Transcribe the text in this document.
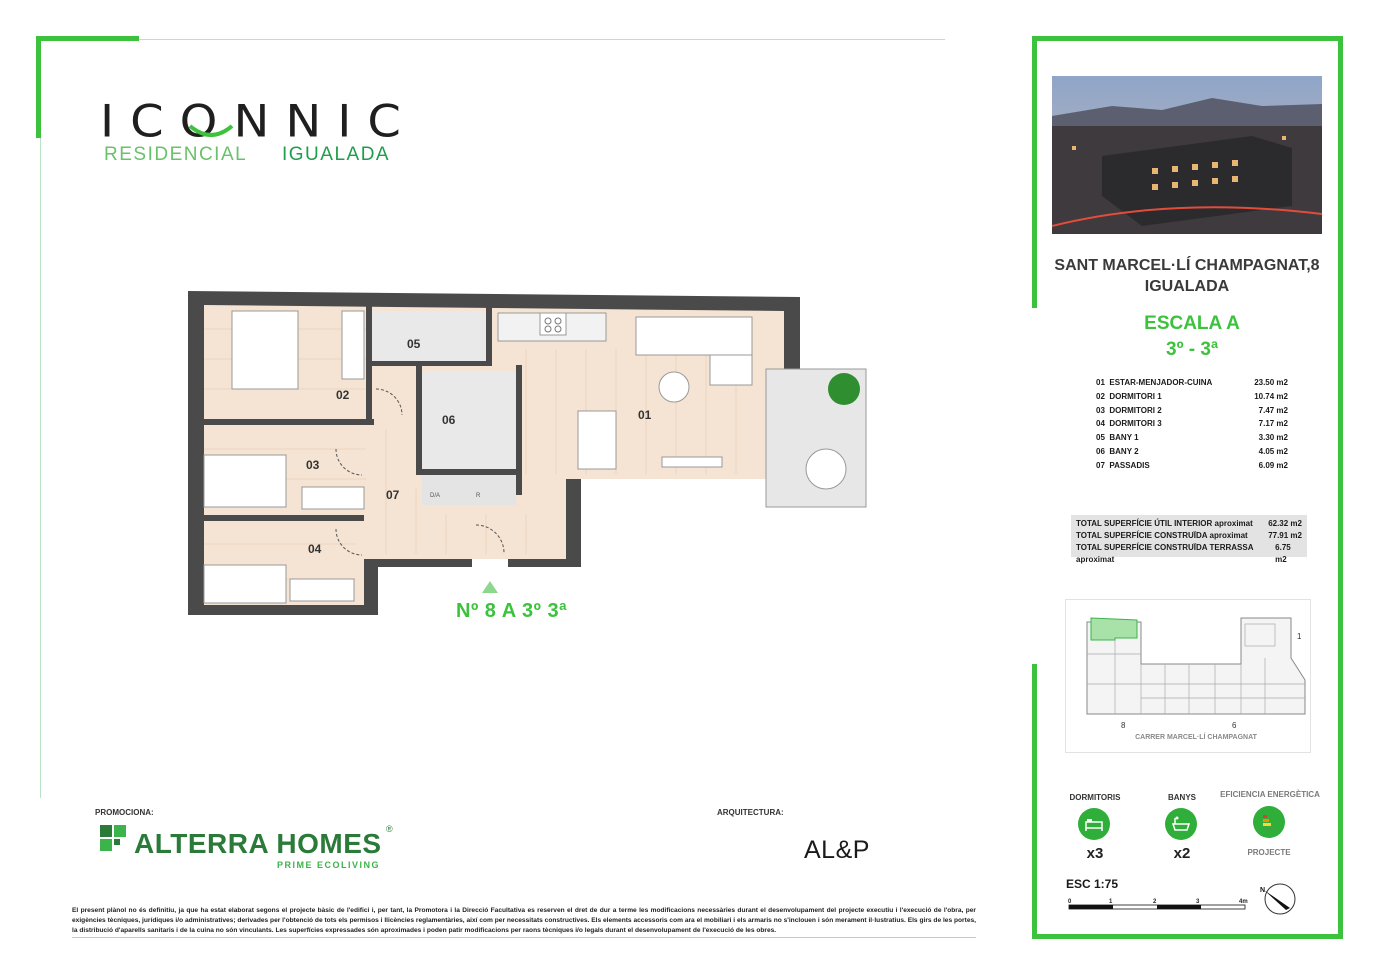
ICONNIC
RESIDENCIAL IGUALADA
D/A	R
01
02
03
04
05
06
07
Nº 8 A 3º 3ª
SANT MARCEL·LÍ CHAMPAGNAT,8
IGUALADA
ESCALA A
3º - 3ª
01 ESTAR-MENJADOR-CUINA	23.50 m2
02 DORMITORI 1	10.74 m2
03 DORMITORI 2	7.47 m2
04 DORMITORI 3	7.17 m2
05 BANY 1	3.30 m2
06 BANY 2	4.05 m2
07 PASSADIS	6.09 m2
TOTAL SUPERFÍCIE ÚTIL INTERIOR aproximat 62.32 m2
TOTAL SUPERFÍCIE CONSTRUÏDA aproximat	77.91 m2
TOTAL SUPERFÍCIE CONSTRUÏDA TERRASSA aproximat
6.75 m2
1
8	6
CARRER MARCEL·LÍ CHAMPAGNAT
DORMITORIS
x3
BANYS
x2
EFICIENCIA ENERGÈTICA
PROJECTE
ESC 1:75
0	1	2	3	4m
N
PROMOCIONA:	ARQUITECTURA:
ALTERRA HOMES ®
PRIME ECOLIVING
AL&P
El present plànol no és definitiu, ja que ha estat elaborat segons el projecte bàsic de l'edifici i, per tant, la Promotora i la Direcció Facultativa es reserven el dret de dur a terme les modificacions necessàries durant el desenvolupament del projecte executiu i l'execució de l'obra, per exigències tècniques, jurídiques i/o administratives; derivades per l'obtenció de tots els permisos i llicències reglamentàries, així com per necessitats constructives. Els elements accessoris com ara el mobiliari i els armaris no s'inclouen i són merament il·lustratius. Els girs de les portes, la distribució d'aparells sanitaris i de la cuina no són vinculants. Les superfícies expressades són aproximades i poden patir modificacions per raons tècniques i/o legals durant el desenvolupament de l'execució de les obres.
